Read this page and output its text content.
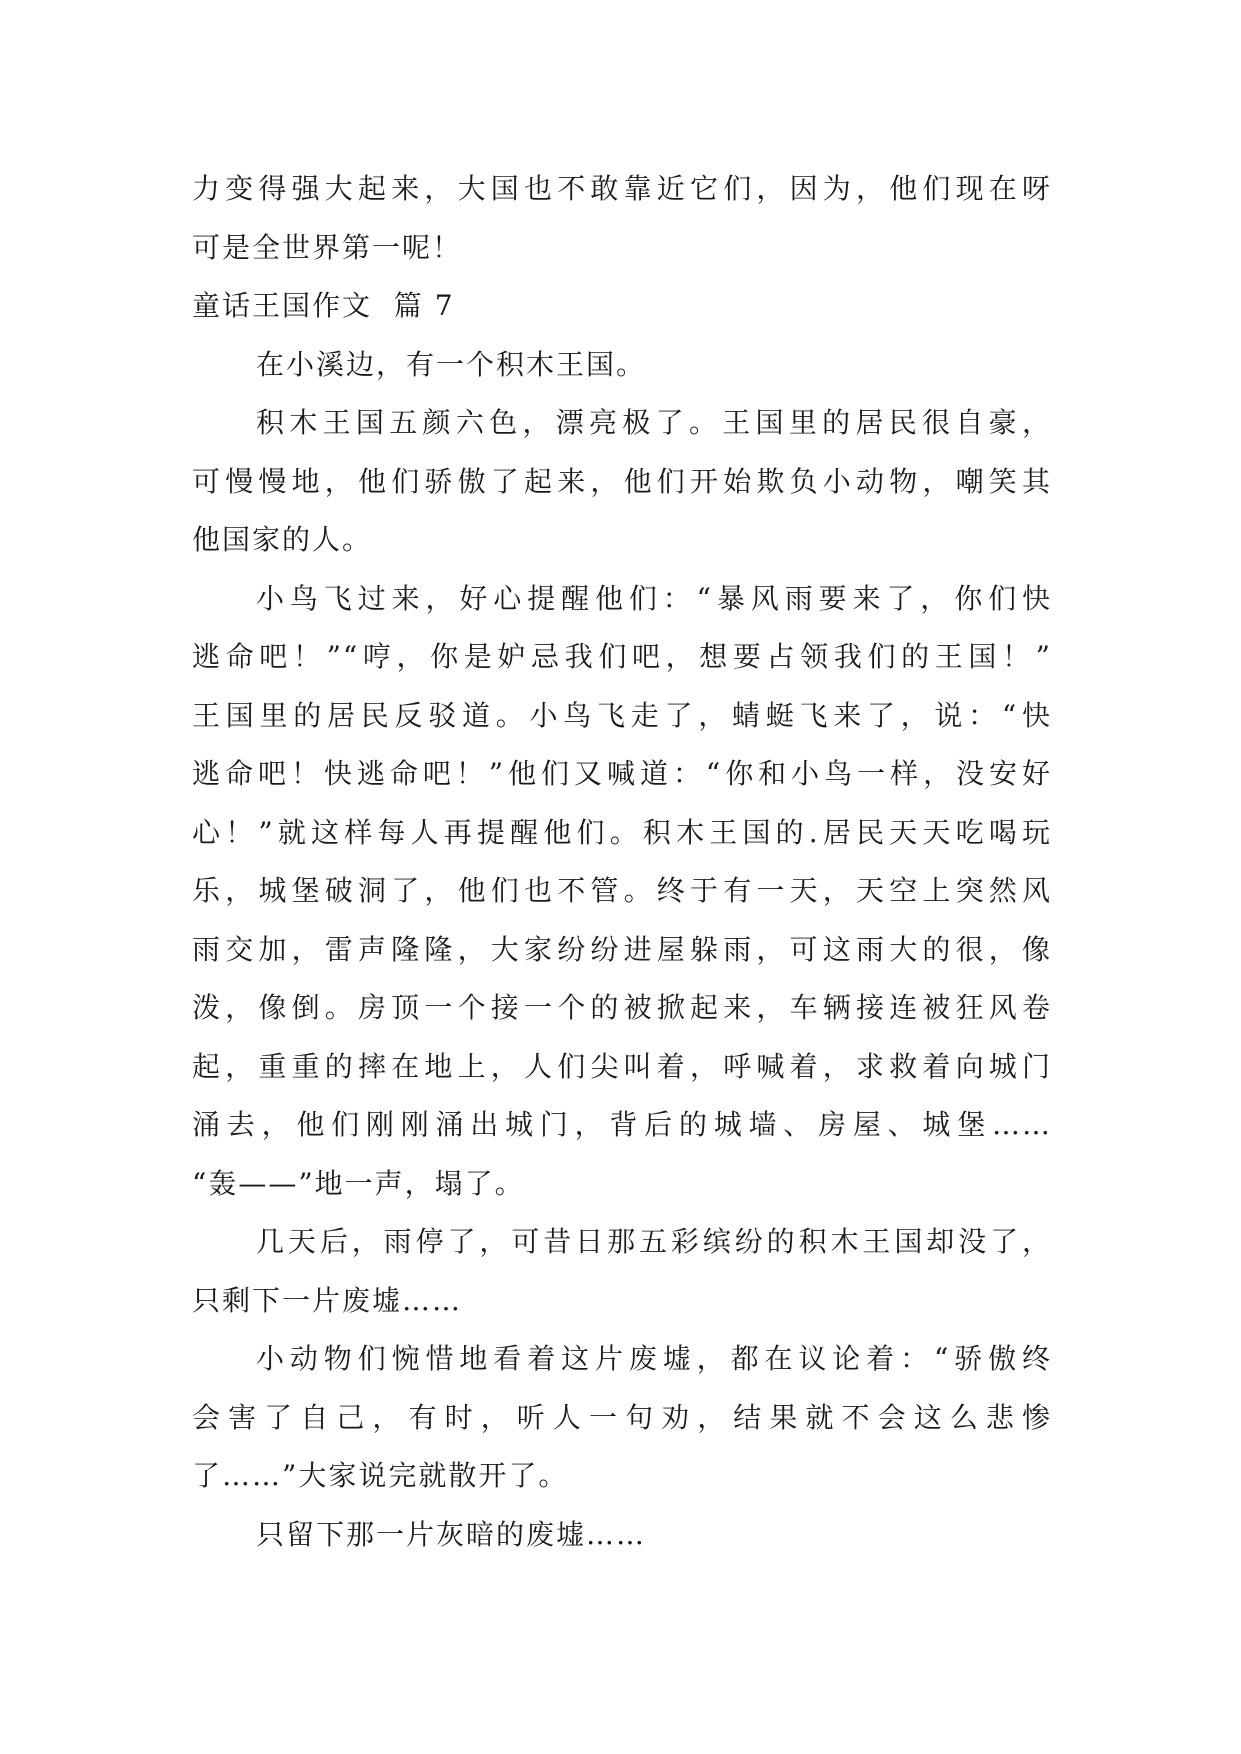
力变得强大起来，大国也不敢靠近它们，因为，他们现在呀
可是全世界第一呢！
童话王国作文  篇 7
在小溪边，有一个积木王国。
积木王国五颜六色，漂亮极了。王国里的居民很自豪，
可慢慢地，他们骄傲了起来，他们开始欺负小动物，嘲笑其
他国家的人。
小鸟飞过来，好心提醒他们：“暴风雨要来了，你们快
逃命吧！”“哼，你是妒忌我们吧，想要占领我们的王国！”
王国里的居民反驳道。小鸟飞走了，蜻蜓飞来了，说：“快
逃命吧！快逃命吧！”他们又喊道：“你和小鸟一样，没安好
心！”就这样每人再提醒他们。积木王国的.居民天天吃喝玩
乐，城堡破洞了，他们也不管。终于有一天，天空上突然风
雨交加，雷声隆隆，大家纷纷进屋躲雨，可这雨大的很，像
泼，像倒。房顶一个接一个的被掀起来，车辆接连被狂风卷
起，重重的摔在地上，人们尖叫着，呼喊着，求救着向城门
涌去，他们刚刚涌出城门，背后的城墙、房屋、城堡……
“轰——”地一声，塌了。
几天后，雨停了，可昔日那五彩缤纷的积木王国却没了，
只剩下一片废墟……
小动物们惋惜地看着这片废墟，都在议论着：“骄傲终
会害了自己，有时，听人一句劝，结果就不会这么悲惨
了……”大家说完就散开了。
只留下那一片灰暗的废墟……
